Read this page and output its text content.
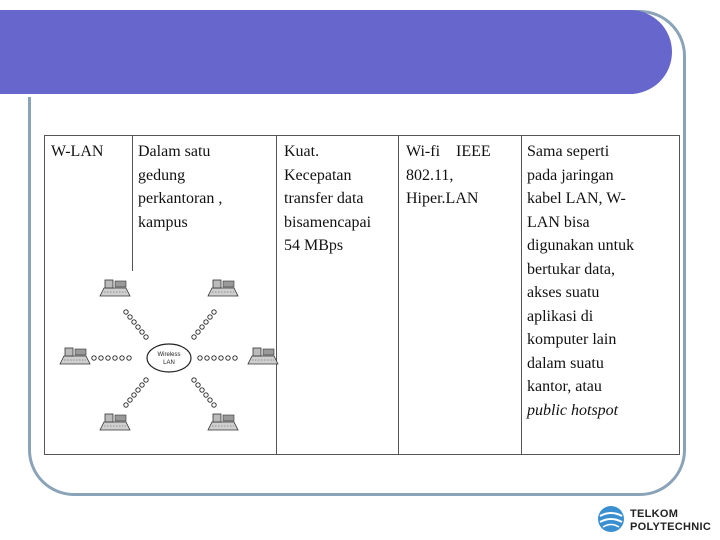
W-LAN Dalam satu
gedung
perkantoran ,
kampus
Kuat.
Kecepatan
transfer data
bisamencapai
54 MBps
Wi-fi    IEEE
802.11,
Hiper.LAN
Sama seperti
pada jaringan
kabel LAN, W-
LAN bisa
digunakan untuk
bertukar data,
akses suatu
aplikasi di
komputer lain
dalam suatu
kantor, atau
public hotspot
Wireless
LAN
TELKOM
POLYTECHNIC
